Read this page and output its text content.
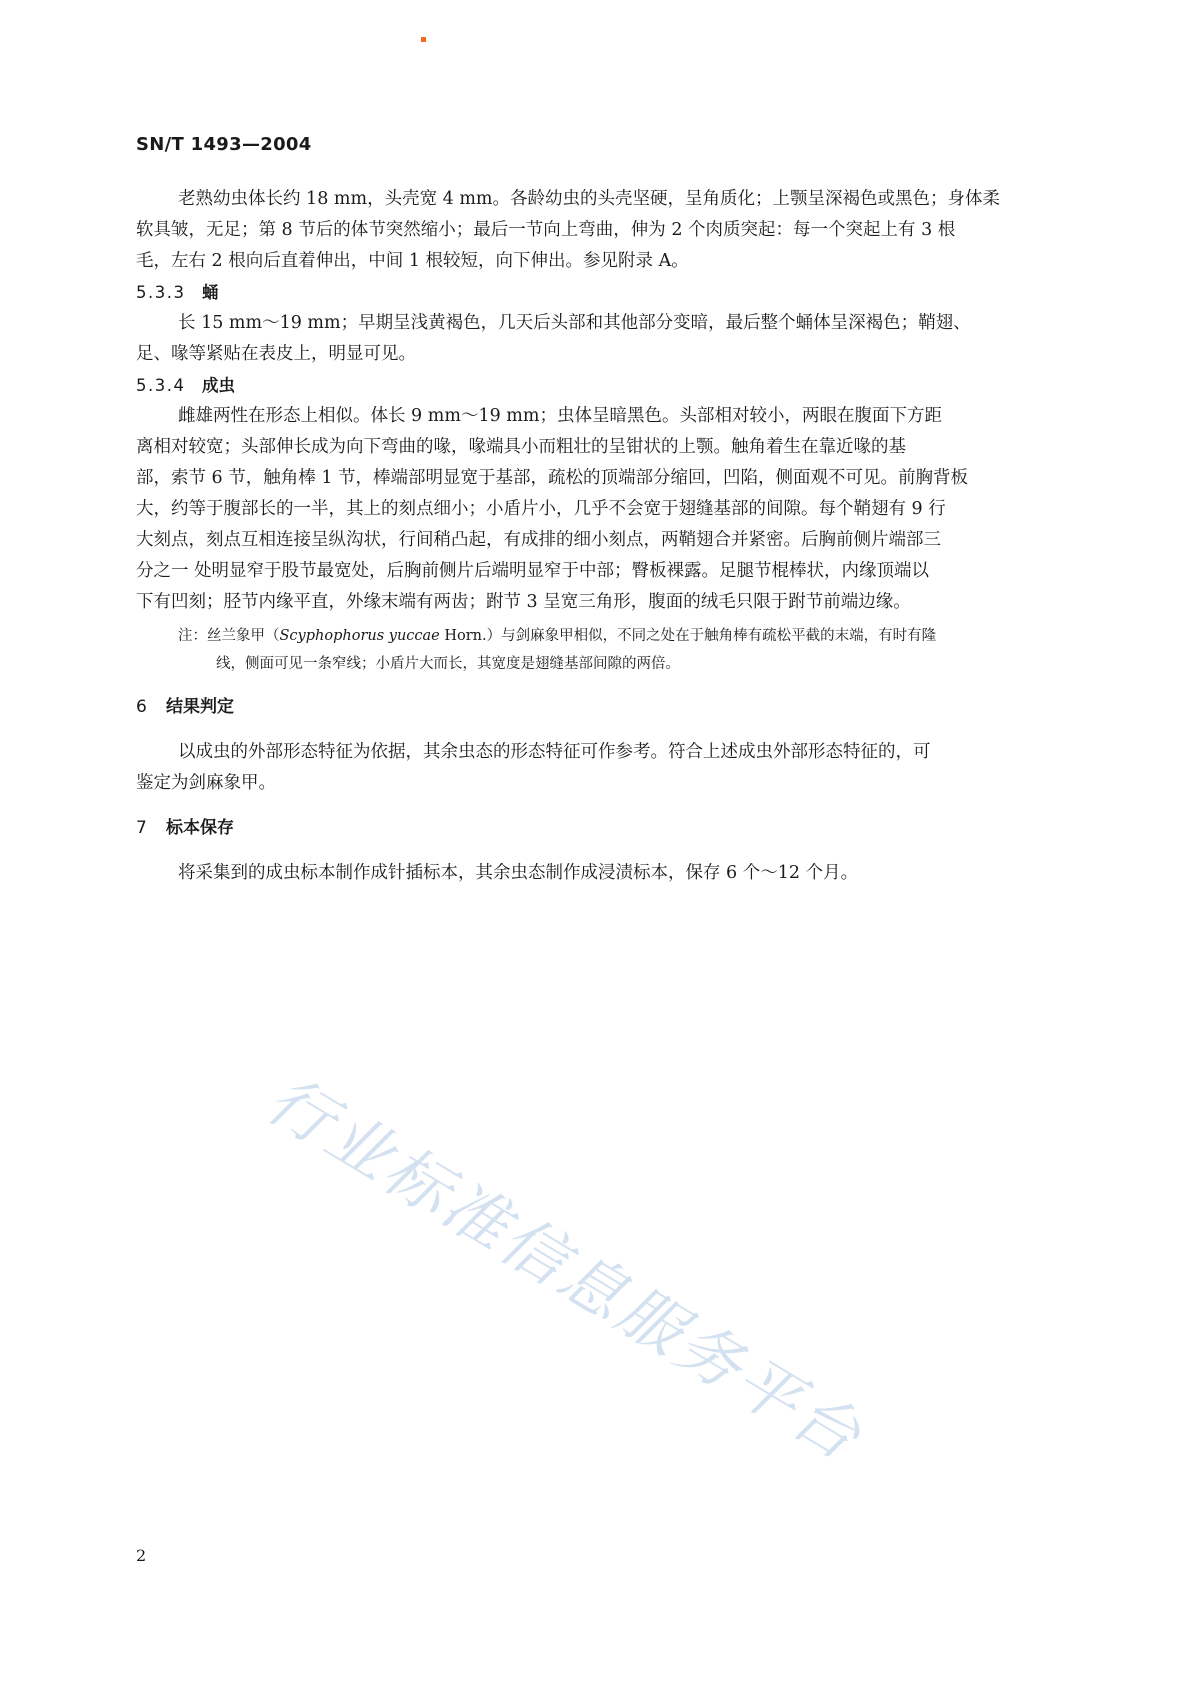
SN/T 1493—2004

老熟幼虫体长约 18 mm，头壳宽 4 mm。各龄幼虫的头壳坚硬，呈角质化；上颚呈深褐色或黑色；身体柔

软具皱，无足；第 8 节后的体节突然缩小；最后一节向上弯曲，伸为 2 个肉质突起：每一个突起上有 3 根
毛，左右 2 根向后直着伸出，中间 1 根较短，向下伸出。参见附录 A。

5.3.3 蛹

长 15 mm～19 mm；早期呈浅黄褐色，几天后头部和其他部分变暗，最后整个蛹体呈深褐色；鞘翅、

足、喙等紧贴在表皮上，明显可见。

5.3.4 成虫

雌雄两性在形态上相似。体长 9 mm～19 mm；虫体呈暗黑色。头部相对较小，两眼在腹面下方距

离相对较宽；头部伸长成为向下弯曲的喙，喙端具小而粗壮的呈钳状的上颚。触角着生在靠近喙的基
部，索节 6 节，触角棒 1 节，棒端部明显宽于基部，疏松的顶端部分缩回，凹陷，侧面观不可见。前胸背板
大，约等于腹部长的一半，其上的刻点细小；小盾片小，几乎不会宽于翅缝基部的间隙。每个鞘翅有 9 行
大刻点，刻点互相连接呈纵沟状，行间稍凸起，有成排的细小刻点，两鞘翅合并紧密。后胸前侧片端部三
分之一 处明显窄于股节最宽处，后胸前侧片后端明显窄于中部；臀板裸露。足腿节棍棒状，内缘顶端以
下有凹刻；胫节内缘平直，外缘末端有两齿；跗节 3 呈宽三角形，腹面的绒毛只限于跗节前端边缘。

注：丝兰象甲（Scyphophorus yuccae Horn.）与剑麻象甲相似，不同之处在于触角棒有疏松平截的末端，有时有隆
线，侧面可见一条窄线；小盾片大而长，其宽度是翅缝基部间隙的两倍。

6 结果判定

以成虫的外部形态特征为依据，其余虫态的形态特征可作参考。符合上述成虫外部形态特征的，可

鉴定为剑麻象甲。

7 标本保存

将采集到的成虫标本制作成针插标本，其余虫态制作成浸渍标本，保存 6 个～12 个月。

行业标准信息服务平台
2
